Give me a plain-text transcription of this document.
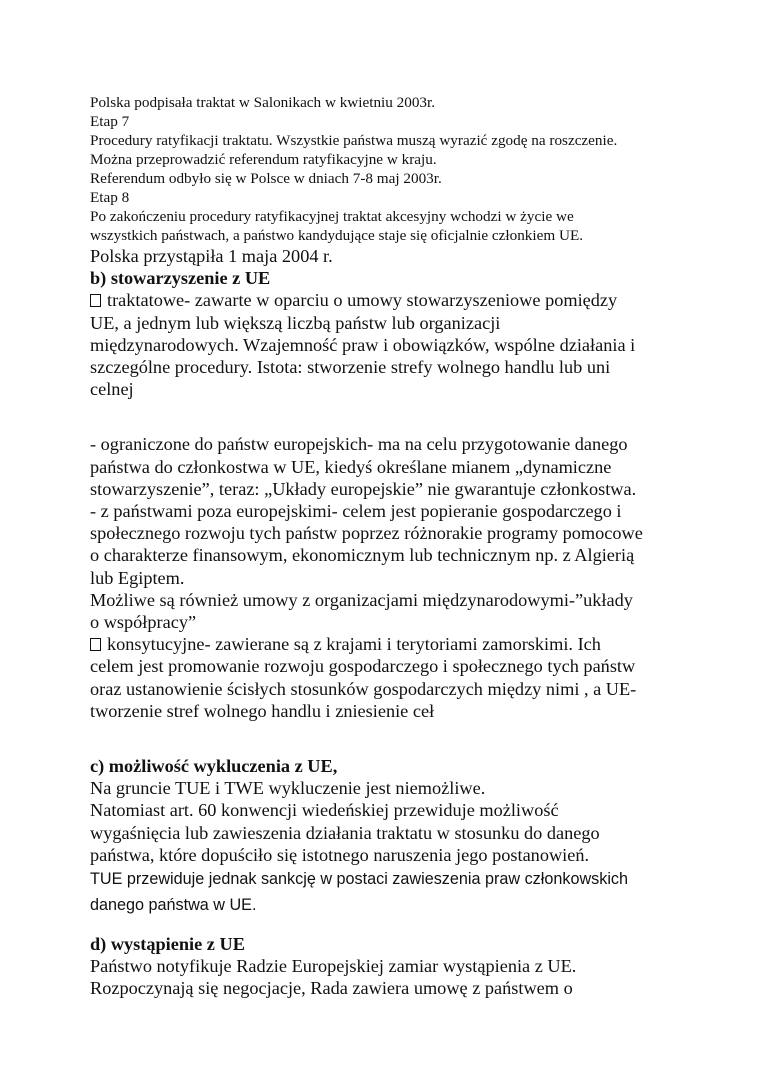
Polska podpisała traktat w Salonikach w kwietniu 2003r.

Etap 7

Procedury ratyfikacji traktatu. Wszystkie państwa muszą wyrazić zgodę na roszczenie.

Można przeprowadzić referendum ratyfikacyjne w kraju.

Referendum odbyło się w Polsce w dniach 7-8 maj 2003r.

Etap 8

Po zakończeniu procedury ratyfikacyjnej traktat akcesyjny wchodzi w życie we

wszystkich państwach, a państwo kandydujące staje się oficjalnie członkiem UE.

Polska przystąpiła 1 maja 2004 r.

b) stowarzyszenie z UE

traktatowe- zawarte w oparciu o umowy stowarzyszeniowe pomiędzy

UE, a jednym lub większą liczbą państw lub organizacji

międzynarodowych. Wzajemność praw i obowiązków, wspólne działania i

szczególne procedury. Istota: stworzenie strefy wolnego handlu lub uni

celnej

- ograniczone do państw europejskich- ma na celu przygotowanie danego

państwa do członkostwa w UE, kiedyś określane mianem „dynamiczne

stowarzyszenie”, teraz: „Układy europejskie” nie gwarantuje członkostwa.

- z państwami poza europejskimi- celem jest popieranie gospodarczego i

społecznego rozwoju tych państw poprzez różnorakie programy pomocowe

o charakterze finansowym, ekonomicznym lub technicznym np. z Algierią

lub Egiptem.

Możliwe są również umowy z organizacjami międzynarodowymi-”układy

o współpracy”

konsytucyjne- zawierane są z krajami i terytoriami zamorskimi. Ich

celem jest promowanie rozwoju gospodarczego i społecznego tych państw

oraz ustanowienie ścisłych stosunków gospodarczych między nimi , a UE-

tworzenie stref wolnego handlu i zniesienie ceł

c) możliwość wykluczenia z UE,

Na gruncie TUE i TWE wykluczenie jest niemożliwe.

Natomiast art. 60 konwencji wiedeńskiej przewiduje możliwość

wygaśnięcia lub zawieszenia działania traktatu w stosunku do danego

państwa, które dopuściło się istotnego naruszenia jego postanowień.

TUE przewiduje jednak sankcję w postaci zawieszenia praw członkowskich

danego państwa w UE.

d) wystąpienie z UE

Państwo notyfikuje Radzie Europejskiej zamiar wystąpienia z UE.

Rozpoczynają się negocjacje, Rada zawiera umowę z państwem o
